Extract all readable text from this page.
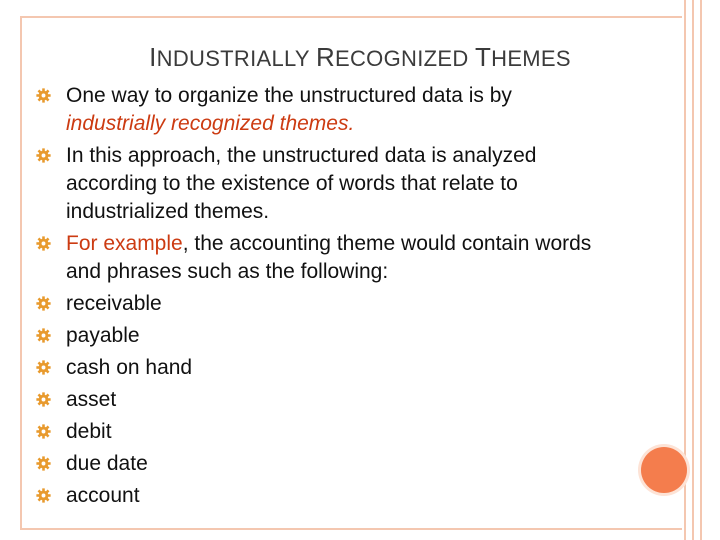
INDUSTRIALLY RECOGNIZED THEMES
One way to organize the unstructured data is by industrially recognized themes.
In this approach, the unstructured data is analyzed according to the existence of words that relate to industrialized themes.
For example, the accounting theme would contain words and phrases such as the following:
receivable
payable
cash on hand
asset
debit
due date
account
